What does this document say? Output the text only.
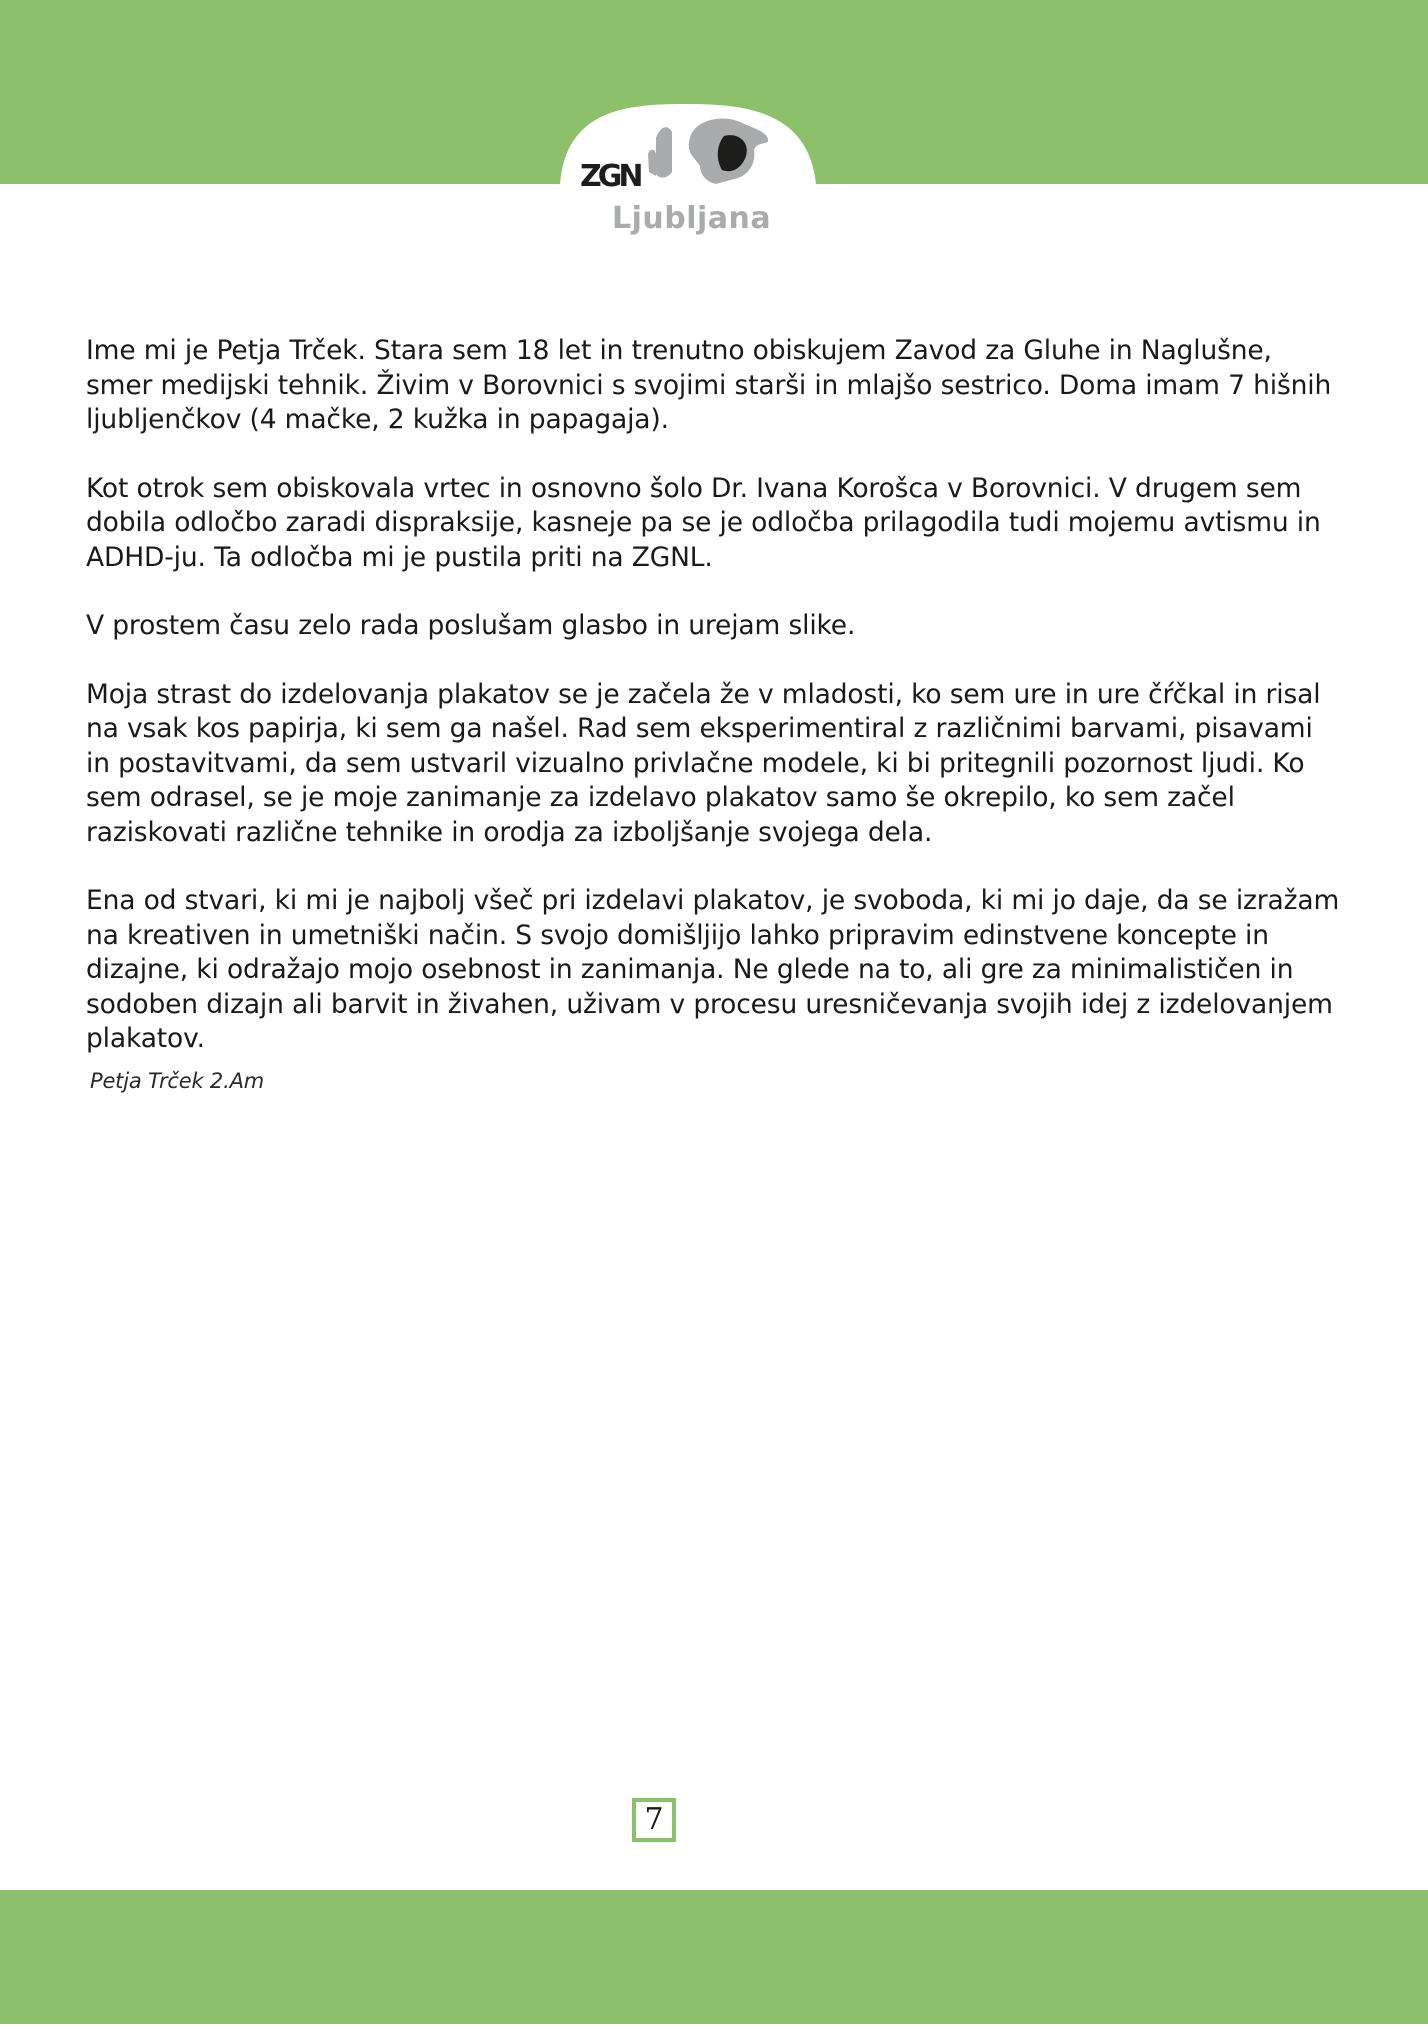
ZGN
Ljubljana

Ime mi je Petja Trček. Stara sem 18 let in trenutno obiskujem Zavod za Gluhe in Naglušne, smer medijski tehnik. Živim v Borovnici s svojimi starši in mlajšo sestrico. Doma imam 7 hišnih ljubljenčkov (4 mačke, 2 kužka in papagaja).

Kot otrok sem obiskovala vrtec in osnovno šolo Dr. Ivana Korošca v Borovnici. V drugem sem dobila odločbo zaradi dispraksije, kasneje pa se je odločba prilagodila tudi mojemu avtismu in ADHD-ju. Ta odločba mi je pustila priti na ZGNL.

V prostem času zelo rada poslušam glasbo in urejam slike.

Moja strast do izdelovanja plakatov se je začela že v mladosti, ko sem ure in ure čŕčkal in risal na vsak kos papirja, ki sem ga našel. Rad sem eksperimentiral z različnimi barvami, pisavami in postavitvami, da sem ustvaril vizualno privlačne modele, ki bi pritegnili pozornost ljudi. Ko sem odrasel, se je moje zanimanje za izdelavo plakatov samo še okrepilo, ko sem začel raziskovati različne tehnike in orodja za izboljšanje svojega dela.

Ena od stvari, ki mi je najbolj všeč pri izdelavi plakatov, je svoboda, ki mi jo daje, da se izražam na kreativen in umetniški način. S svojo domišljijo lahko pripravim edinstvene koncepte in dizajne, ki odražajo mojo osebnost in zanimanja. Ne glede na to, ali gre za minimalističen in sodoben dizajn ali barvit in živahen, uživam v procesu uresničevanja svojih idej z izdelovanjem plakatov.

Petja Trček 2.Am
7
